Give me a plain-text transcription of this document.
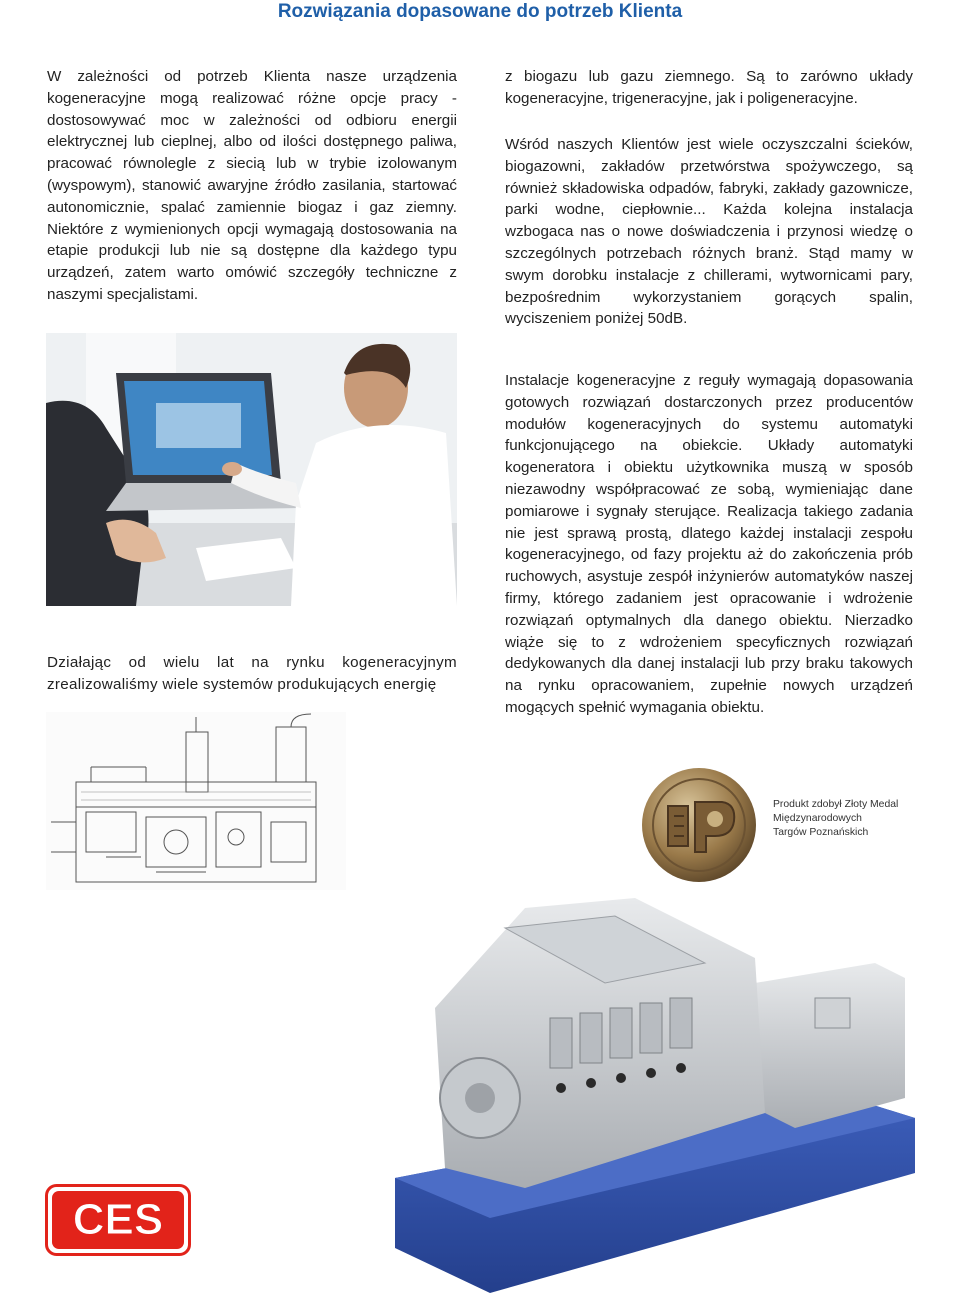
Rozwiązania dopasowane do potrzeb Klienta

W zależności od potrzeb Klienta nasze urządzenia kogeneracyjne mogą realizować różne opcje pracy - dostosowywać moc w zależności od odbioru energii elektrycznej lub cieplnej, albo od ilości dostępnego paliwa, pracować równolegle z siecią lub w trybie izolowanym (wyspowym), stanowić awaryjne źródło zasilania, startować autonomicznie, spalać zamiennie biogaz i gaz ziemny. Niektóre z wymienionych opcji wymagają dostosowania na etapie produkcji lub nie są dostępne dla każdego typu urządzeń, zatem warto omówić szczegóły techniczne z naszymi specjalistami.

Działając od wielu lat na rynku kogeneracyjnym zrealizowaliśmy wiele systemów produkujących energię

z biogazu lub gazu ziemnego. Są to zarówno układy kogeneracyjne, trigeneracyjne, jak i poligeneracyjne.

Wśród naszych Klientów jest wiele oczyszczalni ścieków, biogazowni, zakładów przetwórstwa spożywczego, są również składowiska odpadów, fabryki, zakłady gazownicze, parki wodne, ciepłownie... Każda kolejna instalacja wzbogaca nas o nowe doświadczenia i przynosi wiedzę o szczególnych potrzebach różnych branż. Stąd mamy w swym dorobku instalacje z chillerami, wytwornicami pary, bezpośrednim wykorzystaniem gorących spalin, wyciszeniem poniżej 50dB.

Instalacje kogeneracyjne z reguły wymagają dopasowania gotowych rozwiązań dostarczonych przez producentów modułów kogeneracyjnych do systemu automatyki funkcjonującego na obiekcie. Układy automatyki kogeneratora i obiektu użytkownika muszą w sposób niezawodny współpracować ze sobą, wymieniając dane pomiarowe i sygnały sterujące. Realizacja takiego zadania nie jest sprawą prostą, dlatego każdej instalacji zespołu kogeneracyjnego, od fazy projektu aż do zakończenia prób ruchowych, asystuje zespół inżynierów automatyków naszej firmy, którego zadaniem jest opracowanie i wdrożenie rozwiązań optymalnych dla danego obiektu. Nierzadko wiąże się to z wdrożeniem specyficznych rozwiązań dedykowanych dla danej instalacji lub przy braku takowych na rynku opracowaniem, zupełnie nowych urządzeń mogących spełnić wymagania obiektu.

Produkt zdobył Złoty Medal
Międzynarodowych
Targów Poznańskich
CES
